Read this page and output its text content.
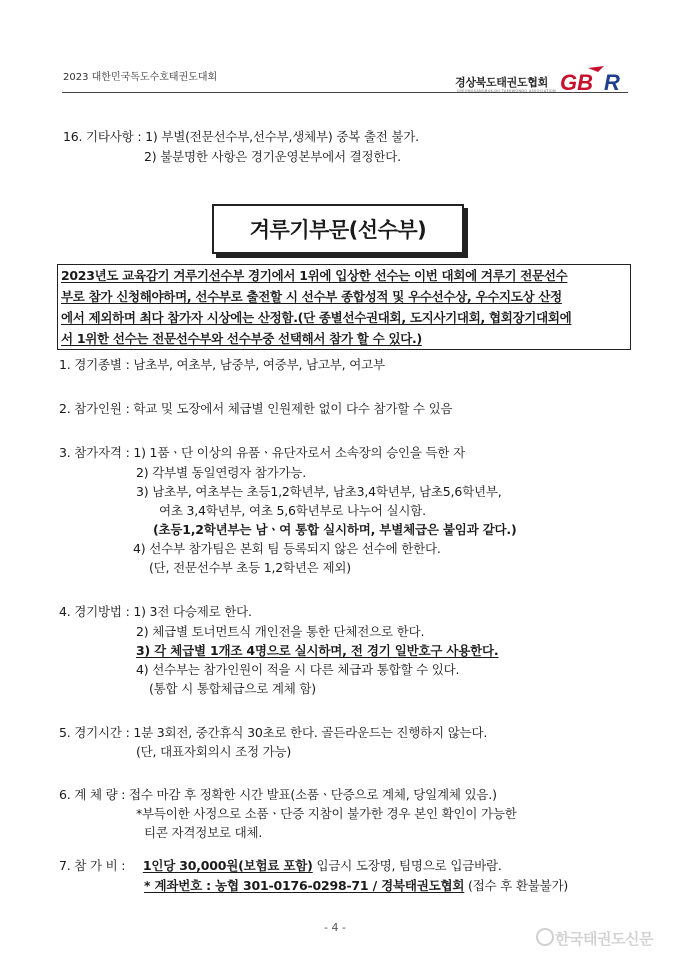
2023 대한민국독도수호태권도대회	경상북도태권도협회
GYEONGSANGBUK-DO TAEKWONDO ASSOCIATION GB R
16. 기타사항 : 1) 부별(전문선수부,선수부,생체부) 중복 출전 불가.
2) 불분명한 사항은 경기운영본부에서 결정한다.
겨루기부문(선수부)
2023년도 교육감기 겨루기선수부 경기에서 1위에 입상한 선수는 이번 대회에 겨루기 전문선수
부로 참가 신청해야하며, 선수부로 출전할 시 선수부 종합성적 및 우수선수상, 우수지도상 산정
에서 제외하며 최다 참가자 시상에는 산정함.(단 종별선수권대회, 도지사기대회, 협회장기대회에
서 1위한 선수는 전문선수부와 선수부중 선택해서 참가 할 수 있다.)
1. 경기종별 : 남초부, 여초부, 남중부, 여중부, 남고부, 여고부
2. 참가인원 : 학교 및 도장에서 체급별 인원제한 없이 다수 참가할 수 있음
3. 참가자격 : 1) 1품ㆍ단 이상의 유품ㆍ유단자로서 소속장의 승인을 득한 자
2) 각부별 동일연령자 참가가능.
3) 남초부, 여초부는 초등1,2학년부, 남초3,4학년부, 남초5,6학년부,
여초 3,4학년부, 여초 5,6학년부로 나누어 실시함.
(초등1,2학년부는 남ㆍ여 통합 실시하며, 부별체급은 붙임과 같다.)
4) 선수부 참가팀은 본회 팀 등록되지 않은 선수에 한한다.
(단, 전문선수부 초등 1,2학년은 제외)
4. 경기방법 : 1) 3전 다승제로 한다.
2) 체급별 토너먼트식 개인전을 통한 단체전으로 한다.
3) 각 체급별 1개조 4명으로 실시하며, 전 경기 일반호구 사용한다.
4) 선수부는 참가인원이 적을 시 다른 체급과 통합할 수 있다.
(통합 시 통합체급으로 계체 함)
5. 경기시간 : 1분 3회전, 중간휴식 30초로 한다. 골든라운드는 진행하지 않는다.
(단, 대표자회의시 조정 가능)
6. 계 체 량 : 접수 마감 후 정확한 시간 발표(소품ㆍ단증으로 계체, 당일계체 있음.)
*부득이한 사정으로 소품ㆍ단증 지참이 불가한 경우 본인 확인이 가능한
티콘 자격정보로 대체.
7. 참 가 비 : 1인당 30,000원(보험료 포함) 입금시 도장명, 팀명으로 입금바람.
* 계좌번호 : 농협 301-0176-0298-71 / 경북태권도협회 (접수 후 환불불가)
- 4 -
한국태권도신문
